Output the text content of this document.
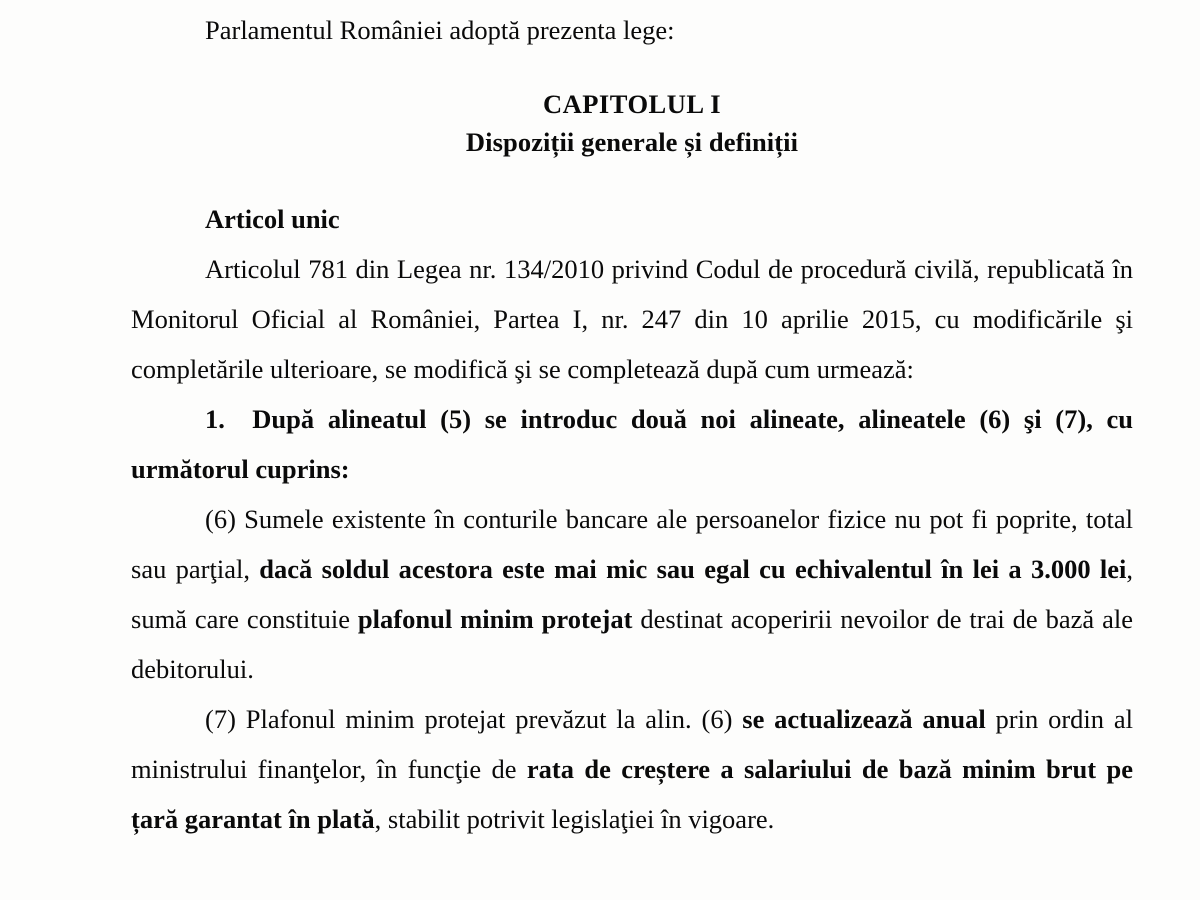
Parlamentul României adoptă prezenta lege:
CAPITOLUL I
Dispoziții generale și definiții
Articol unic

Articolul 781 din Legea nr. 134/2010 privind Codul de procedură civilă, republicată în Monitorul Oficial al României, Partea I, nr. 247 din 10 aprilie 2015, cu modificările şi completările ulterioare, se modifică şi se completează după cum urmează:

1. După alineatul (5) se introduc două noi alineate, alineatele (6) şi (7), cu următorul cuprins:

(6) Sumele existente în conturile bancare ale persoanelor fizice nu pot fi poprite, total sau parţial, dacă soldul acestora este mai mic sau egal cu echivalentul în lei a 3.000 lei, sumă care constituie plafonul minim protejat destinat acoperirii nevoilor de trai de bază ale debitorului.

(7) Plafonul minim protejat prevăzut la alin. (6) se actualizează anual prin ordin al ministrului finanţelor, în funcţie de rata de creștere a salariului de bază minim brut pe țară garantat în plată, stabilit potrivit legislaţiei în vigoare.
